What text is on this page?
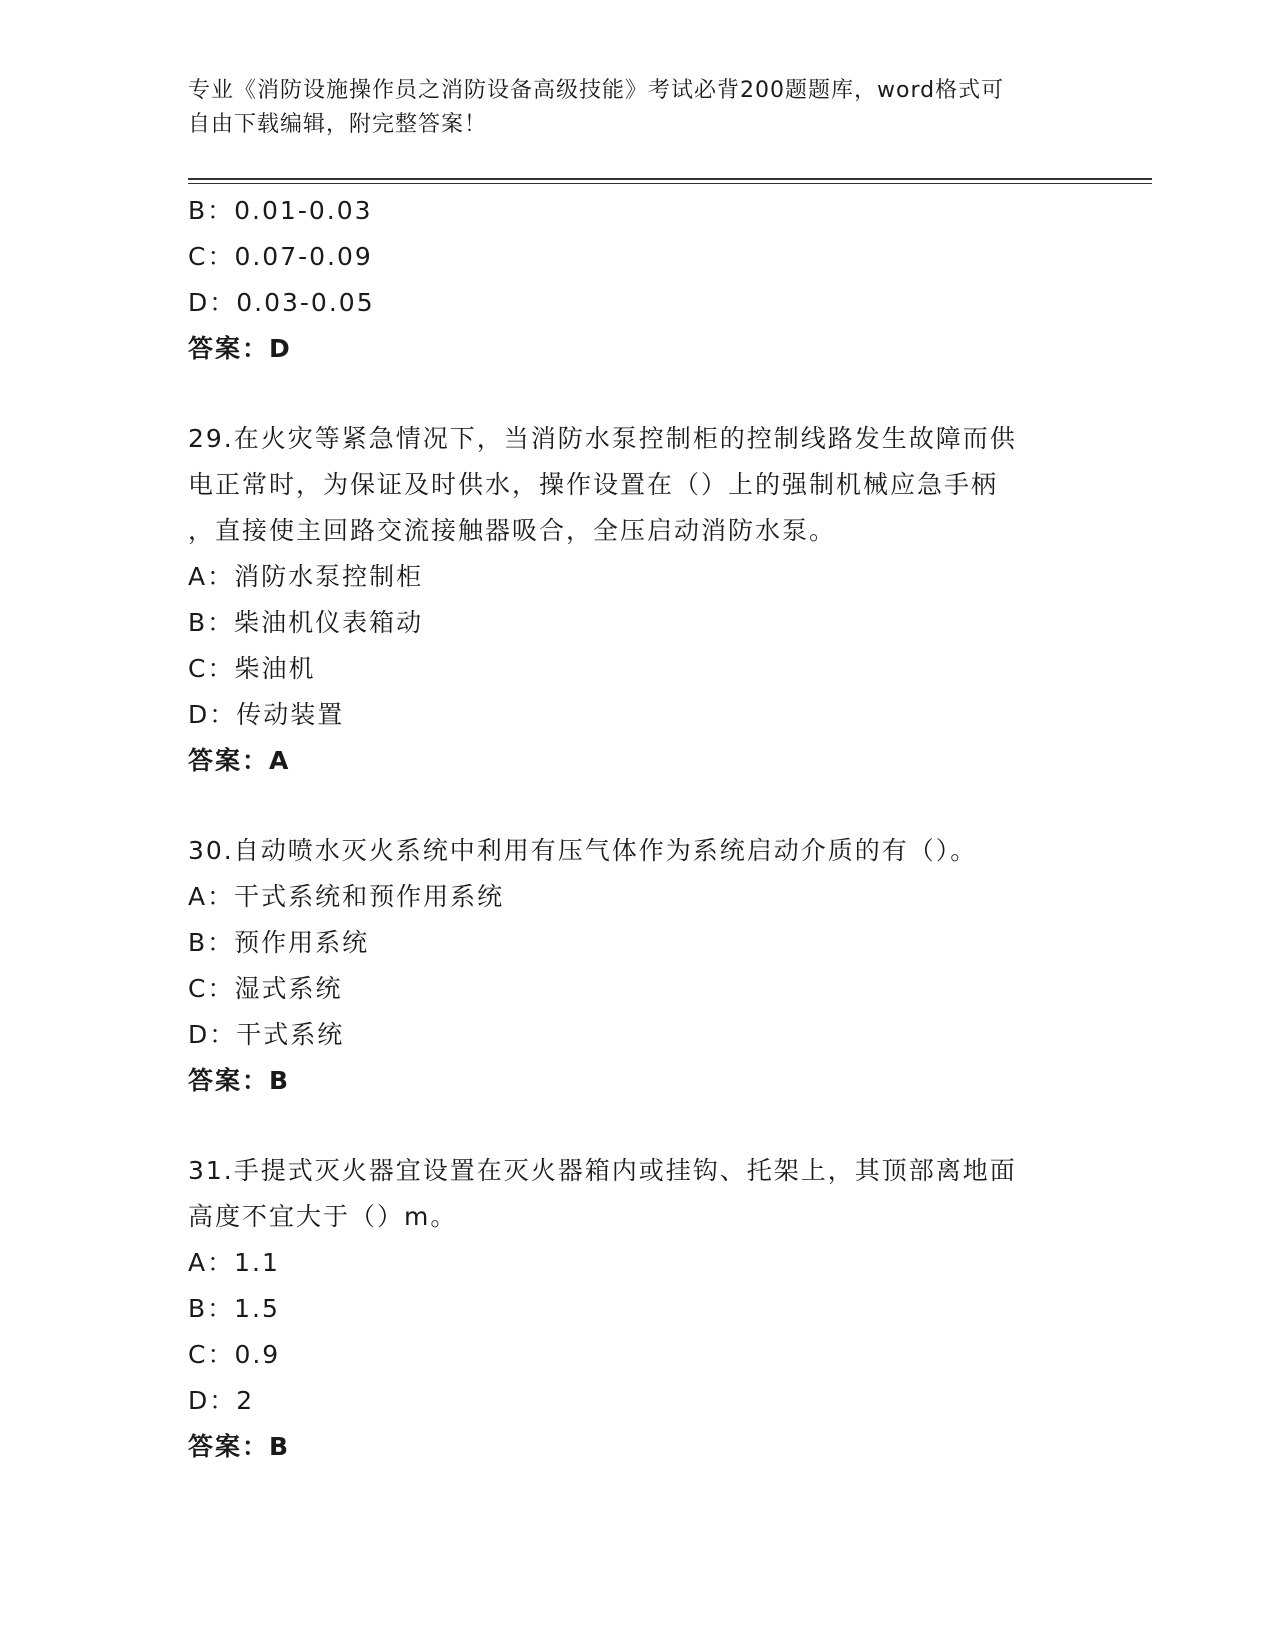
专业《消防设施操作员之消防设备高级技能》考试必背200题题库，word格式可
自由下载编辑，附完整答案！
B：0.01-0.03
C：0.07-0.09
D：0.03-0.05
答案：D
29.在火灾等紧急情况下，当消防水泵控制柜的控制线路发生故障而供
电正常时，为保证及时供水，操作设置在（）上的强制机械应急手柄
，直接使主回路交流接触器吸合，全压启动消防水泵。
A：消防水泵控制柜
B：柴油机仪表箱动
C：柴油机
D：传动装置
答案：A
30.自动喷水灭火系统中利用有压气体作为系统启动介质的有（）。
A：干式系统和预作用系统
B：预作用系统
C：湿式系统
D：干式系统
答案：B
31.手提式灭火器宜设置在灭火器箱内或挂钩、托架上，其顶部离地面
高度不宜大于（）m。
A：1.1
B：1.5
C：0.9
D：2
答案：B
